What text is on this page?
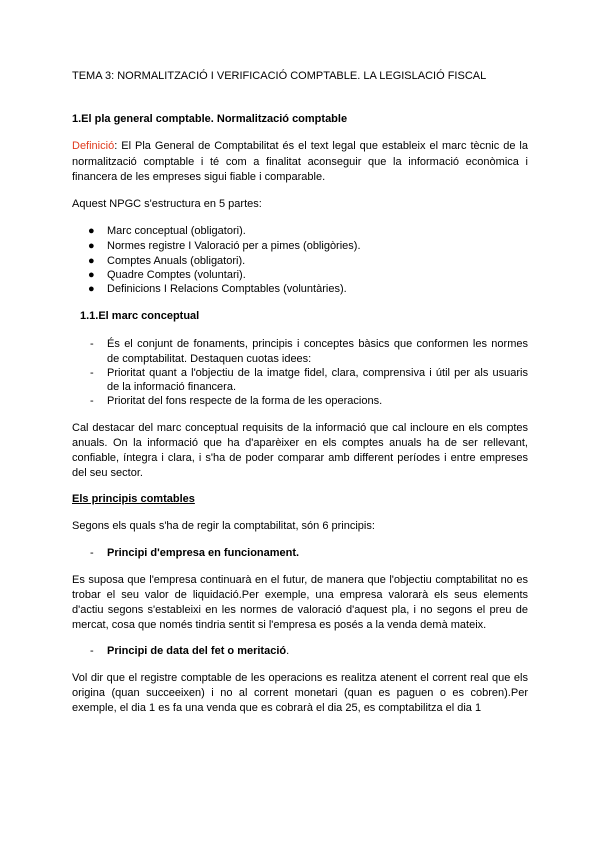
TEMA 3: NORMALITZACIÓ I VERIFICACIÓ COMPTABLE. LA LEGISLACIÓ FISCAL
1.El pla general comptable. Normalització comptable
Definició: El Pla General de Comptabilitat és el text legal que estableix el marc tècnic de la
normalització comptable i té com a finalitat aconseguir que la informació econòmica i
financera de les empreses sigui fiable i comparable.
Aquest NPGC s'estructura en 5 partes:
● Marc conceptual (obligatori).
● Normes registre I Valoració per a pimes (obligòries).
● Comptes Anuals (obligatori).
● Quadre Comptes (voluntari).
● Definicions I Relacions Comptables (voluntàries).
1.1.El marc conceptual
- És el conjunt de fonaments, principis i conceptes bàsics que conformen les normes
de comptabilitat. Destaquen cuotas idees:
- Prioritat quant a l'objectiu de la imatge fidel, clara, comprensiva i útil per als usuaris
de la informació financera.
- Prioritat del fons respecte de la forma de les operacions.
Cal destacar del marc conceptual requisits de la informació que cal incloure en els comptes
anuals. On la informació que ha d'aparèixer en els comptes anuals ha de ser rellevant,
confiable, íntegra i clara, i s'ha de poder comparar amb different períodes i entre empreses
del seu sector.
Els principis comtables
Segons els quals s'ha de regir la comptabilitat, són 6 principis:
- Principi d'empresa en funcionament.
Es suposa que l'empresa continuarà en el futur, de manera que l'objectiu comptabilitat no es
trobar el seu valor de liquidació.Per exemple, una empresa valorarà els seus elements
d'actiu segons s'estableixi en les normes de valoració d'aquest pla, i no segons el preu de
mercat, cosa que només tindria sentit si l'empresa es posés a la venda demà mateix.
- Principi de data del fet o meritació.
Vol dir que el registre comptable de les operacions es realitza atenent el corrent real que els
origina (quan succeeixen) i no al corrent monetari (quan es paguen o es cobren).Per
exemple, el dia 1 es fa una venda que es cobrarà el dia 25, es comptabilitza el dia 1
